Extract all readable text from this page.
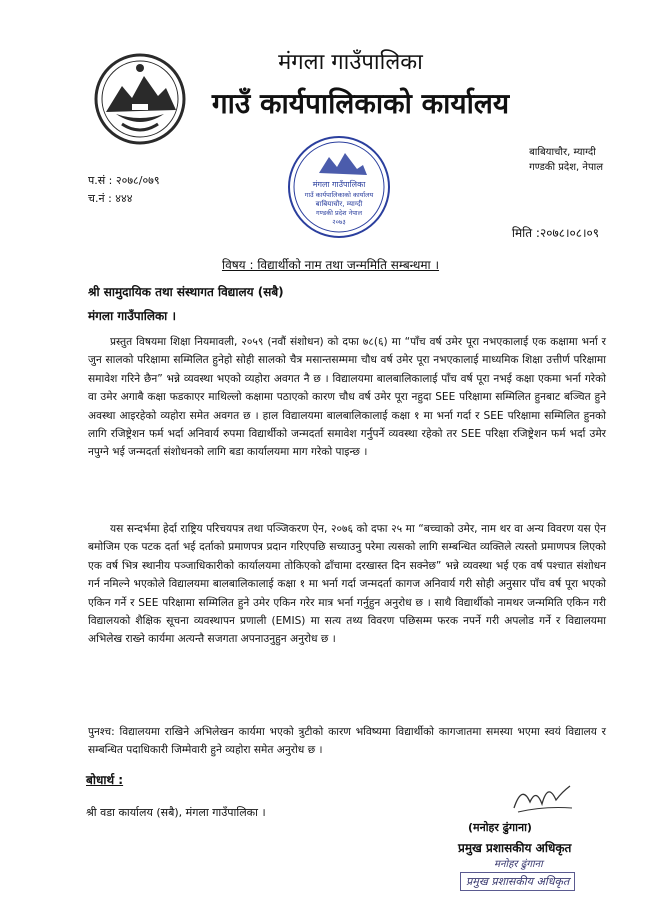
मंगला गाउँपालिका
गाउँ कार्यपालिकाको कार्यालय
बाबियाचौर, म्याग्दी
गण्डकी प्रदेश, नेपाल
प.सं : २०७८/०७९
च.नं : ४४४
मंगला गाउँपालिका
गाउँ कार्यपालिकाको कार्यालय
बाबियाचौर, म्याग्दी
गण्डकी प्रदेश नेपाल
२०७३
मिति :२०७८।०८।०९
विषय : विद्यार्थीको नाम तथा जन्ममिति सम्बन्धमा ।
श्री सामुदायिक तथा संस्थागत विद्यालय (सबै)
मंगला गाउँपालिका ।

प्रस्तुत विषयमा शिक्षा नियमावली, २०५९ (नवौं संशोधन) को दफा ७८(६) मा “पाँच वर्ष उमेर पूरा नभएकालाई एक कक्षामा भर्ना र जुन सालको परिक्षामा सम्मिलित हुनेहो सोही सालको चैत्र मसान्तसम्ममा चौध वर्ष उमेर पूरा नभएकालाई माध्यमिक शिक्षा उत्तीर्ण परिक्षामा समावेश गरिने छैन” भन्ने व्यवस्था भएको व्यहोरा अवगत नै छ । विद्यालयमा बालबालिकालाई पाँच वर्ष पूरा नभई कक्षा एकमा भर्ना गरेको वा उमेर अगाबै कक्षा फडकाएर माथिल्लो कक्षामा पठाएको कारण चौध वर्ष उमेर पूरा नहुदा SEE परिक्षामा सम्मिलित हुनबाट बञ्चित हुने अवस्था आइरहेको व्यहोरा समेत अवगत छ । हाल विद्यालयमा बालबालिकालाई कक्षा १ मा भर्ना गर्दा र SEE परिक्षामा सम्मिलित हुनको लागि रजिष्ट्रेशन फर्म भर्दा अनिवार्य रुपमा विद्यार्थीको जन्मदर्ता समावेश गर्नुपर्ने व्यवस्था रहेको तर SEE परिक्षा रजिष्ट्रेशन फर्म भर्दा उमेर नपुग्ने भई जन्मदर्ता संशोधनको लागि बडा कार्यालयमा माग गरेको पाइन्छ ।

यस सन्दर्भमा हेर्दा राष्ट्रिय परिचयपत्र तथा पञ्जिकरण ऐन, २०७६ को दफा २५ मा “बच्चाको उमेर, नाम थर वा अन्य विवरण यस ऐन बमोजिम एक पटक दर्ता भई दर्ताको प्रमाणपत्र प्रदान गरिएपछि सच्याउनु परेमा त्यसको लागि सम्बन्धित व्यक्तिले त्यस्तो प्रमाणपत्र लिएको एक वर्ष भित्र स्थानीय पञ्जाधिकारीको कार्यालयमा तोकिएको ढाँचामा दरखास्त दिन सक्नेछ” भन्ने व्यवस्था भई एक वर्ष पश्चात संशोधन गर्न नमिल्ने भएकोले विद्यालयमा बालबालिकालाई कक्षा १ मा भर्ना गर्दा जन्मदर्ता कागज अनिवार्य गरी सोही अनुसार पाँच वर्ष पूरा भएको एकिन गर्ने र SEE परिक्षामा सम्मिलित हुने उमेर एकिन गरेर मात्र भर्ना गर्नुहुन अनुरोध छ । साथै विद्यार्थीको नामथर जन्ममिति एकिन गरी विद्यालयको शैक्षिक सूचना व्यवस्थापन प्रणाली (EMIS) मा सत्य तथ्य विवरण पछिसम्म फरक नपर्ने गरी अपलोड गर्ने र विद्यालयमा अभिलेख राख्ने कार्यमा अत्यन्तै सजगता अपनाउनुहुन अनुरोध छ ।

पुनश्च: विद्यालयमा राखिने अभिलेखन कार्यमा भएको त्रुटीको कारण भविष्यमा विद्यार्थीको कागजातमा समस्या भएमा स्वयं विद्यालय र सम्बन्धित पदाधिकारी जिम्मेवारी हुने व्यहोरा समेत अनुरोध छ ।

बोधार्थ :
श्री वडा कार्यालय (सबै), मंगला गाउँपालिका ।
(मनोहर ढुंगाना)
प्रमुख प्रशासकीय अधिकृत
मनोहर ढुंगाना
प्रमुख प्रशासकीय अधिकृत
